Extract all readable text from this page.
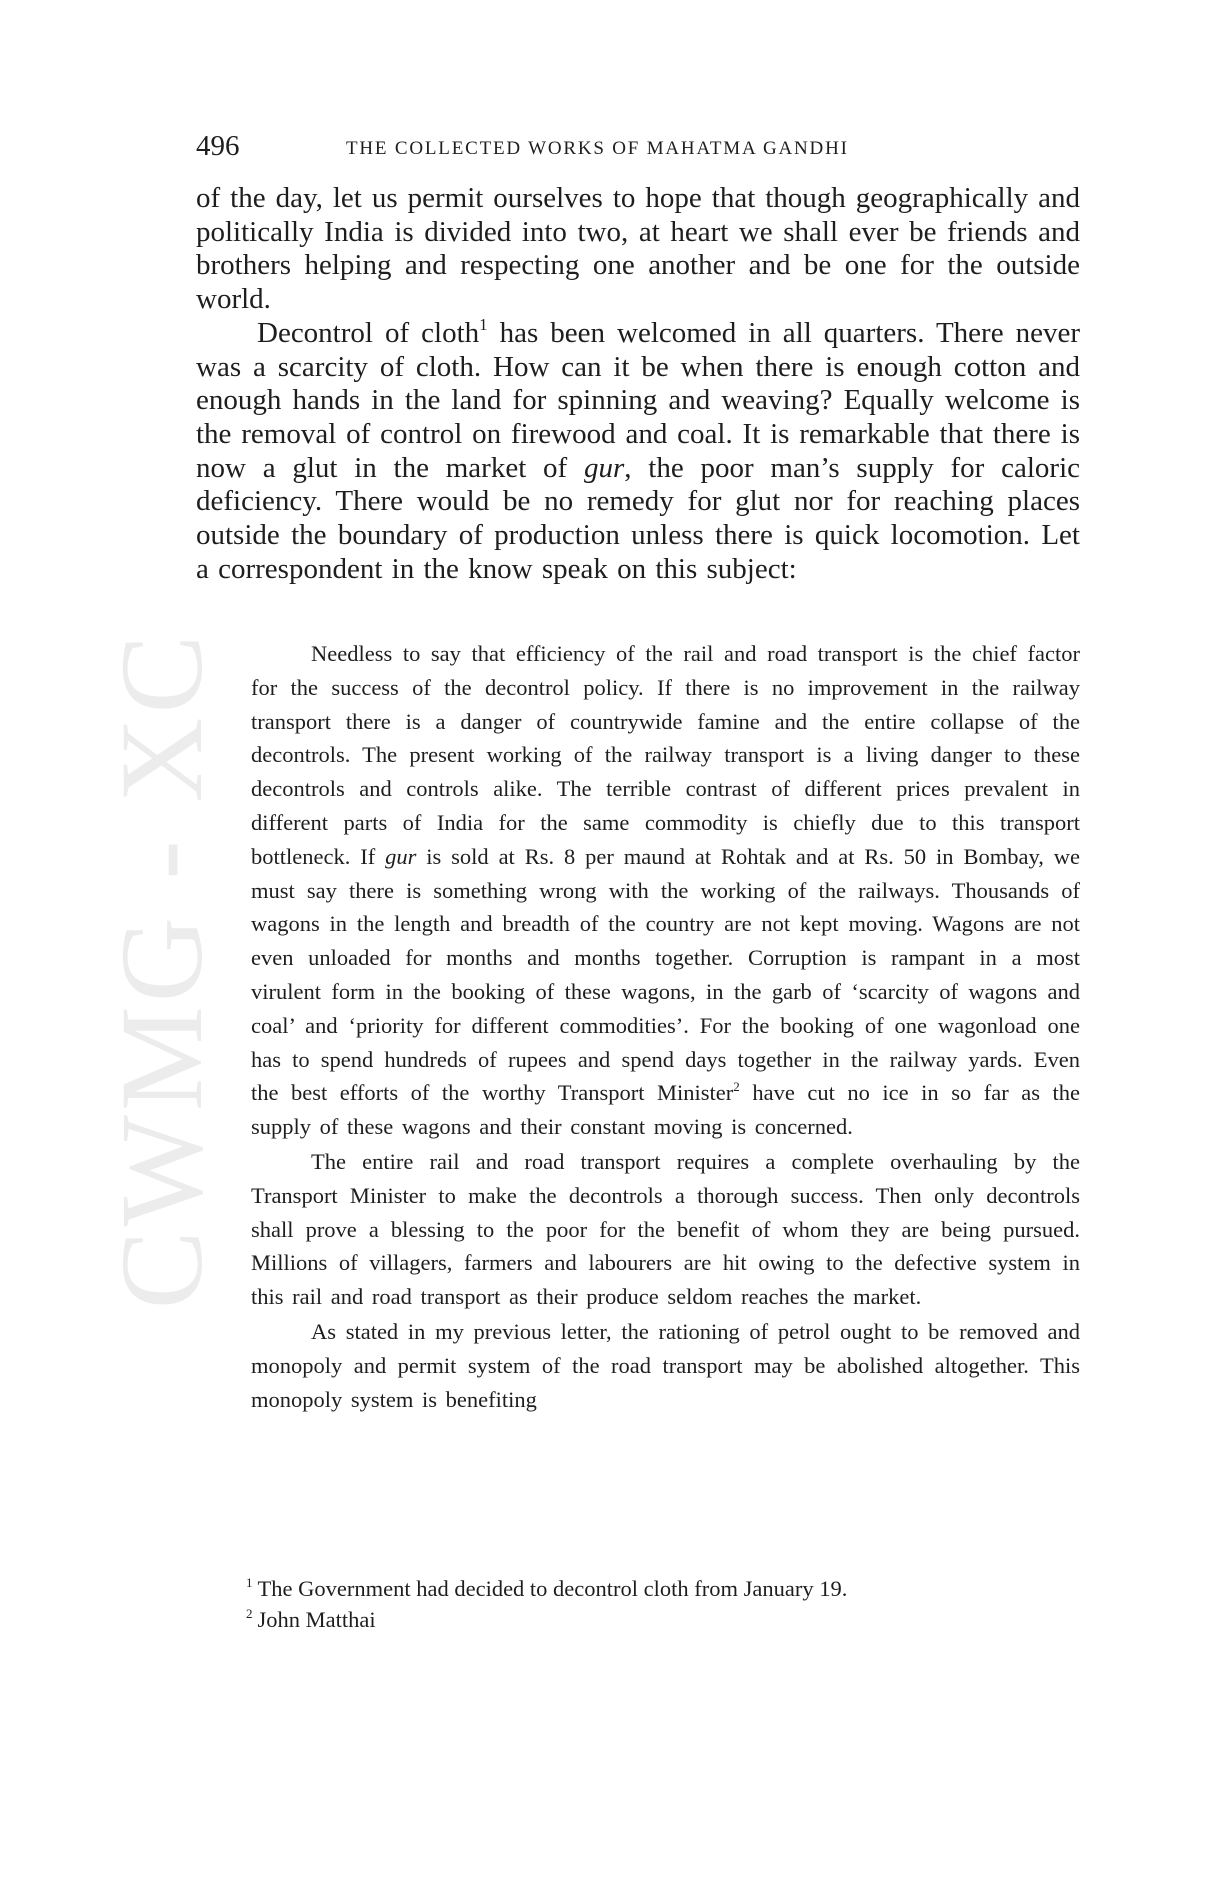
CWMG - XC
496	THE COLLECTED WORKS OF MAHATMA GANDHI

of the day, let us permit ourselves to hope that though geographically and politically India is divided into two, at heart we shall ever be friends and brothers helping and respecting one another and be one for the outside world.

Decontrol of cloth$^1$ has been welcomed in all quarters. There never was a scarcity of cloth. How can it be when there is enough cotton and enough hands in the land for spinning and weaving? Equally welcome is the removal of control on firewood and coal. It is remarkable that there is now a glut in the market of gur, the poor man’s supply for caloric deficiency. There would be no remedy for glut nor for reaching places outside the boundary of production unless there is quick locomotion. Let a correspondent in the know speak on this subject:

Needless to say that efficiency of the rail and road transport is the chief factor for the success of the decontrol policy. If there is no improvement in the railway transport there is a danger of countrywide famine and the entire collapse of the decontrols. The present working of the railway transport is a living danger to these decontrols and controls alike. The terrible contrast of different prices prevalent in different parts of India for the same commodity is chiefly due to this transport bottleneck. If gur is sold at Rs. 8 per maund at Rohtak and at Rs. 50 in Bombay, we must say there is something wrong with the working of the railways. Thousands of wagons in the length and breadth of the country are not kept moving. Wagons are not even unloaded for months and months together. Corruption is rampant in a most virulent form in the booking of these wagons, in the garb of ‘scarcity of wagons and coal’ and ‘priority for different commodities’. For the booking of one wagonload one has to spend hundreds of rupees and spend days together in the railway yards. Even the best efforts of the worthy Transport Minister$^2$ have cut no ice in so far as the supply of these wagons and their constant moving is concerned.

The entire rail and road transport requires a complete overhauling by the Transport Minister to make the decontrols a thorough success. Then only decontrols shall prove a blessing to the poor for the benefit of whom they are being pursued. Millions of villagers, farmers and labourers are hit owing to the defective system in this rail and road transport as their produce seldom reaches the market.

As stated in my previous letter, the rationing of petrol ought to be removed and monopoly and permit system of the road transport may be abolished altogether. This monopoly system is benefiting

$^1$ The Government had decided to decontrol cloth from January 19.
$^2$ John Matthai
